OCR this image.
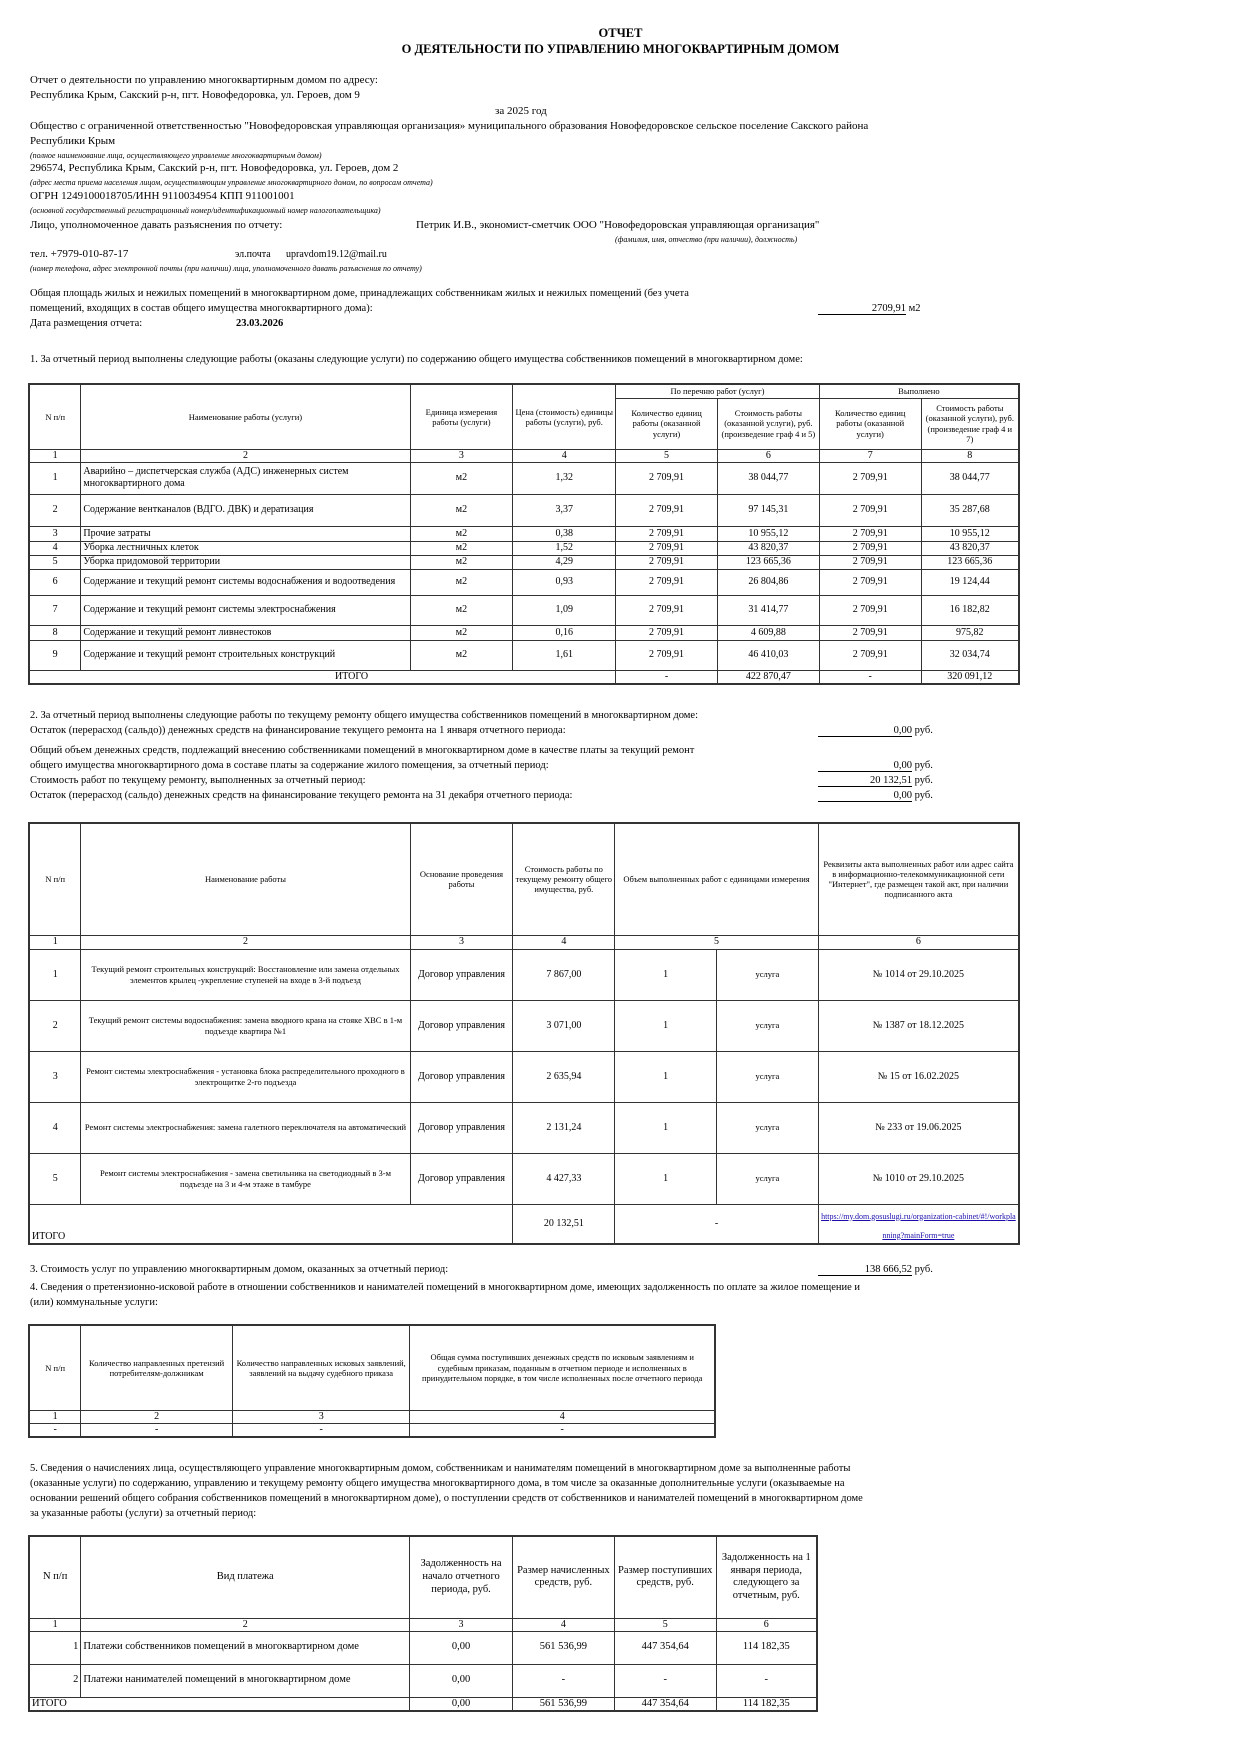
ОТЧЕТ
О ДЕЯТЕЛЬНОСТИ ПО УПРАВЛЕНИЮ МНОГОКВАРТИРНЫМ ДОМОМ
Отчет о деятельности по управлению многоквартирным домом по адресу:
Республика Крым, Сакский р-н, пгт. Новофедоровка, ул. Героев, дом 9
за 2025 год
Общество с ограниченной ответственностью "Новофедоровская управляющая организация» муниципального образования Новофедоровское сельское поселение Сакского района
Республики Крым
(полное наименование лица, осуществляющего управление многоквартирным домом)
296574, Республика Крым, Сакский р-н, пгт. Новофедоровка, ул. Героев, дом 2
(адрес места приема населения лицом, осуществляющим управление многоквартирного домом, по вопросам отчета)
ОГРН 1249100018705/ИНН 9110034954 КПП 911001001
(основной государственный регистрационный номер/идентификационный номер налогоплательщика)
Лицо, уполномоченное давать разъяснения по отчету:	Петрик И.В., экономист-сметчик ООО "Новофедоровская управляющая организация"
(фамилия, имя, отчество (при наличии), должность)
тел. +7979-010-87-17	эл.почта upravdom19.12@mail.ru
(номер телефона, адрес электронной почты (при наличии) лица, уполномоченного давать разъяснения по отчету)
Общая площадь жилых и нежилых помещений в многоквартирном доме, принадлежащих собственникам жилых и нежилых помещений (без учета
помещений, входящих в состав общего имущества многоквартирного дома):	2709,91 м2
Дата размещения отчета:	23.03.2026
1. За отчетный период выполнены следующие работы (оказаны следующие услуги) по содержанию общего имущества собственников помещений в многоквартирном доме:
N п/п	Наименование работы (услуги)	Единица измерения работы (услуги)	Цена (стоимость) единицы работы (услуги), руб.	По перечню работ (услуг)		Выполнено	
				Количество единиц работы (оказанной услуги)	Стоимость работы (оказанной услуги), руб. (произведение граф 4 и 5)	Количество единиц работы (оказанной услуги)	Стоимость работы (оказанной услуги), руб. (произведение граф 4 и 7)
1	2	3	4	5	6	7	8
1	Аварийно – диспетчерская служба (АДС) инженерных систем многоквартирного дома	м2	1,32	2 709,91	38 044,77	2 709,91	38 044,77
2	Содержание вентканалов (ВДГО. ДВК) и дератизация	м2	3,37	2 709,91	97 145,31	2 709,91	35 287,68
3	Прочие затраты	м2	0,38	2 709,91	10 955,12	2 709,91	10 955,12
4	Уборка лестничных клеток	м2	1,52	2 709,91	43 820,37	2 709,91	43 820,37
5	Уборка придомовой территории	м2	4,29	2 709,91	123 665,36	2 709,91	123 665,36
6	Содержание и текущий ремонт системы водоснабжения и водоотведения	м2	0,93	2 709,91	26 804,86	2 709,91	19 124,44
7	Содержание и текущий ремонт системы электроснабжения	м2	1,09	2 709,91	31 414,77	2 709,91	16 182,82
8	Содержание и текущий ремонт ливнестоков	м2	0,16	2 709,91	4 609,88	2 709,91	975,82
9	Содержание и текущий ремонт строительных конструкций	м2	1,61	2 709,91	46 410,03	2 709,91	32 034,74
ИТОГО				-	422 870,47	-	320 091,12
2. За отчетный период выполнены следующие работы по текущему ремонту общего имущества собственников помещений в многоквартирном доме:
Остаток (перерасход (сальдо)) денежных средств на финансирование текущего ремонта на 1 января отчетного периода:	0,00 руб.
Общий объем денежных средств, подлежащий внесению собственниками помещений в многоквартирном доме в качестве платы за текущий ремонт
общего имущества многоквартирного дома в составе платы за содержание жилого помещения, за отчетный период:	0,00 руб.
Стоимость работ по текущему ремонту, выполненных за отчетный период:	20 132,51 руб.
Остаток (перерасход (сальдо) денежных средств на финансирование текущего ремонта на 31 декабря отчетного периода:	0,00 руб.
N п/п	Наименование работы	Основание проведения работы	Стоимость работы по текущему ремонту общего имущества, руб.	Объем выполненных работ с единицами измерения		Реквизиты акта выполненных работ или адрес сайта в информационно-телекоммуникационной сети "Интернет", где размещен такой акт, при наличии подписанного акта
1	2	3	4	5		6
1	Текущий ремонт строительных конструкций: Восстановление или замена отдельных элементов крылец -укрепление ступеней на входе в 3-й подъезд	Договор управления	7 867,00	1	услуга	№ 1014 от 29.10.2025
2	Текущий ремонт системы водоснабжения: замена вводного крана на стояке ХВС в 1-м подъезде квартира №1	Договор управления	3 071,00	1	услуга	№ 1387 от 18.12.2025
3	Ремонт системы электроснабжения - установка блока распределительного проходного в электрощитке 2-го подъезда	Договор управления	2 635,94	1	услуга	№ 15 от 16.02.2025
4	Ремонт системы электроснабжения: замена галетного переключателя на автоматический	Договор управления	2 131,24	1	услуга	№ 233 от 19.06.2025
5	Ремонт системы электроснабжения - замена светильника на светодиодный в 3-м подъезде на 3 и 4-м этаже в тамбуре	Договор управления	4 427,33	1	услуга	№ 1010 от 29.10.2025
ИТОГО			20 132,51	-		https://my.dom.gosuslugi.ru/organization-cabinet/#!/workplanning?mainForm=true
3. Стоимость услуг по управлению многоквартирным домом, оказанных за отчетный период:	138 666,52 руб.
4. Сведения о претензионно-исковой работе в отношении собственников и нанимателей помещений в многоквартирном доме, имеющих задолженность по оплате за жилое помещение и
(или) коммунальные услуги:
N п/п	Количество направленных претензий потребителям-должникам	Количество направленных исковых заявлений, заявлений на выдачу судебного приказа	Общая сумма поступивших денежных средств по исковым заявлениям и судебным приказам, поданным в отчетном периоде и исполненных в принудительном порядке, в том числе исполненных после отчетного периода
1	2	3	4
-	-	-	-
5. Сведения о начислениях лица, осуществляющего управление многоквартирным домом, собственникам и нанимателям помещений в многоквартирном доме за выполненные работы
(оказанные услуги) по содержанию, управлению и текущему ремонту общего имущества многоквартирного дома, в том числе за оказанные дополнительные услуги (оказываемые на
основании решений общего собрания собственников помещений в многоквартирном доме), о поступлении средств от собственников и нанимателей помещений в многоквартирном доме
за указанные работы (услуги) за отчетный период:
N п/п	Вид платежа	Задолженность на начало отчетного периода, руб.	Размер начисленных средств, руб.	Размер поступивших средств, руб.	Задолженность на 1 января периода, следующего за отчетным, руб.
1	2	3	4	5	6
1	Платежи собственников помещений в многоквартирном доме	0,00	561 536,99	447 354,64	114 182,35
2	Платежи нанимателей помещений в многоквартирном доме	0,00	-	-	-
ИТОГО		0,00	561 536,99	447 354,64	114 182,35
